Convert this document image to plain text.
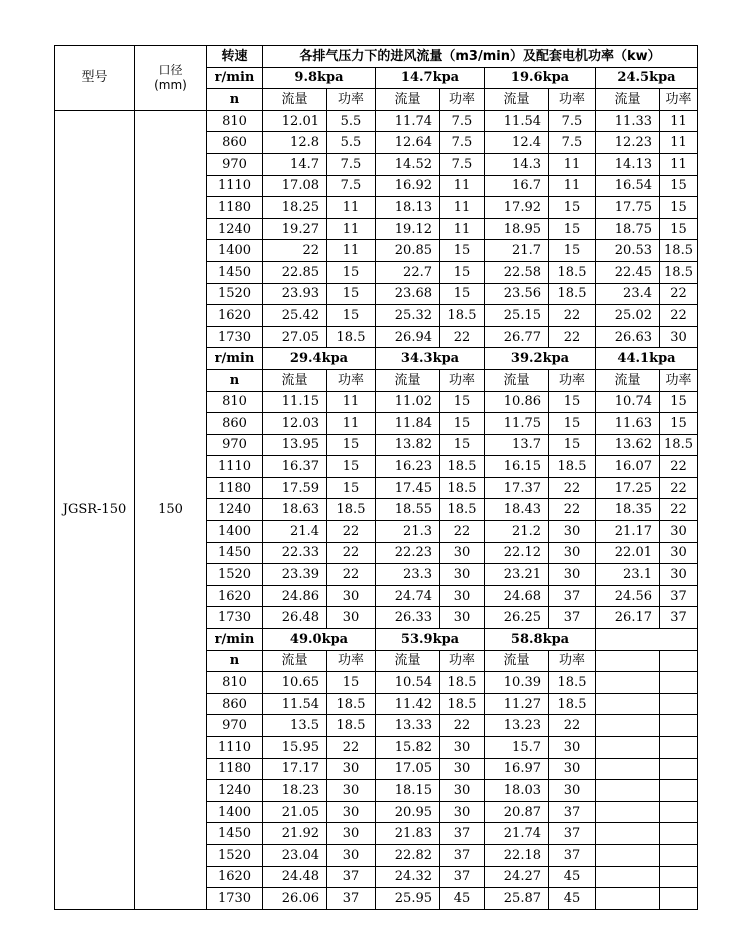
型号	口径
(mm)	转速	各排气压力下的进风流量（m3/min）及配套电机功率（kw）							
		r/min	9.8kpa		14.7kpa		19.6kpa		24.5kpa	
		n	流量	功率	流量	功率	流量	功率	流量	功率
JGSR-150	150	810	12.01	5.5	11.74	7.5	11.54	7.5	11.33	11
		860	12.8	5.5	12.64	7.5	12.4	7.5	12.23	11
		970	14.7	7.5	14.52	7.5	14.3	11	14.13	11
		1110	17.08	7.5	16.92	11	16.7	11	16.54	15
		1180	18.25	11	18.13	11	17.92	15	17.75	15
		1240	19.27	11	19.12	11	18.95	15	18.75	15
		1400	22	11	20.85	15	21.7	15	20.53	18.5
		1450	22.85	15	22.7	15	22.58	18.5	22.45	18.5
		1520	23.93	15	23.68	15	23.56	18.5	23.4	22
		1620	25.42	15	25.32	18.5	25.15	22	25.02	22
		1730	27.05	18.5	26.94	22	26.77	22	26.63	30
		r/min	29.4kpa		34.3kpa		39.2kpa		44.1kpa	
		n	流量	功率	流量	功率	流量	功率	流量	功率
		810	11.15	11	11.02	15	10.86	15	10.74	15
		860	12.03	11	11.84	15	11.75	15	11.63	15
		970	13.95	15	13.82	15	13.7	15	13.62	18.5
		1110	16.37	15	16.23	18.5	16.15	18.5	16.07	22
		1180	17.59	15	17.45	18.5	17.37	22	17.25	22
		1240	18.63	18.5	18.55	18.5	18.43	22	18.35	22
		1400	21.4	22	21.3	22	21.2	30	21.17	30
		1450	22.33	22	22.23	30	22.12	30	22.01	30
		1520	23.39	22	23.3	30	23.21	30	23.1	30
		1620	24.86	30	24.74	30	24.68	37	24.56	37
		1730	26.48	30	26.33	30	26.25	37	26.17	37
		r/min	49.0kpa		53.9kpa		58.8kpa			
		n	流量	功率	流量	功率	流量	功率		
		810	10.65	15	10.54	18.5	10.39	18.5		
		860	11.54	18.5	11.42	18.5	11.27	18.5		
		970	13.5	18.5	13.33	22	13.23	22		
		1110	15.95	22	15.82	30	15.7	30		
		1180	17.17	30	17.05	30	16.97	30		
		1240	18.23	30	18.15	30	18.03	30		
		1400	21.05	30	20.95	30	20.87	37		
		1450	21.92	30	21.83	37	21.74	37		
		1520	23.04	30	22.82	37	22.18	37		
		1620	24.48	37	24.32	37	24.27	45		
		1730	26.06	37	25.95	45	25.87	45		
